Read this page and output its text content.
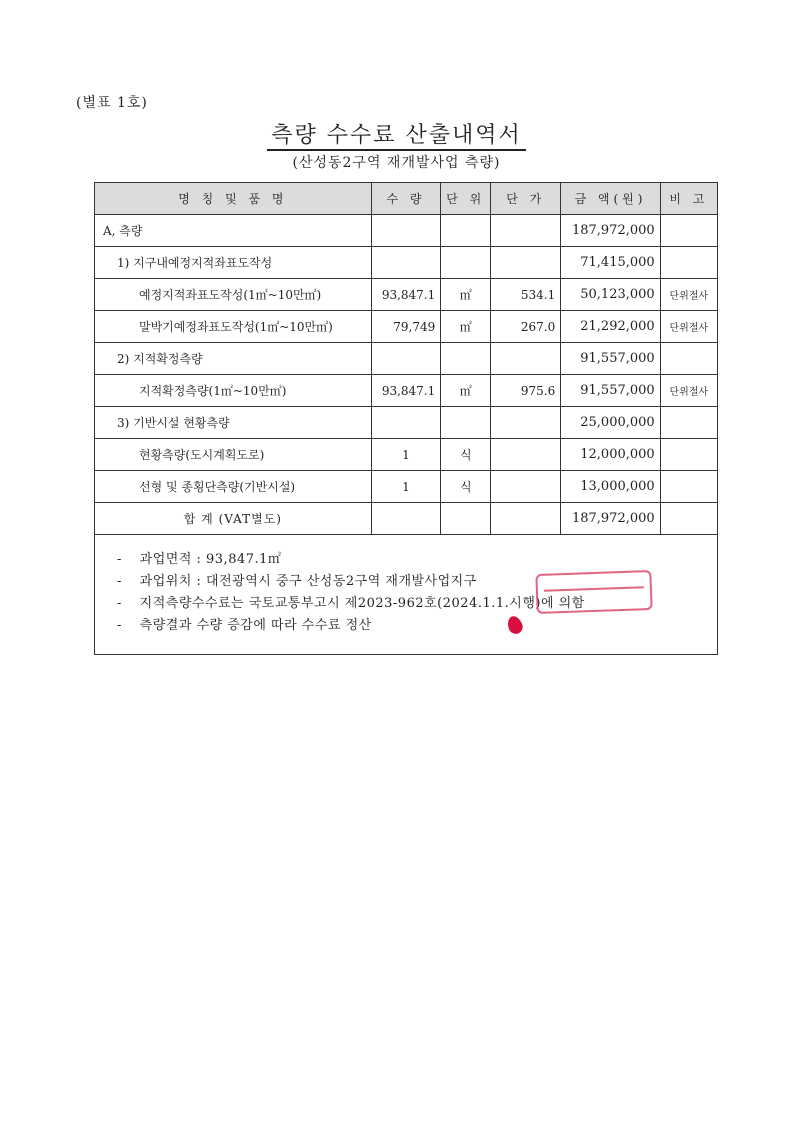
(별표 1호)
측량 수수료 산출내역서
(산성동2구역 재개발사업 측량)
명 칭 및 품 명	수 량	단 위	단 가	금 액(원)	비 고
A, 측량				187,972,000	
1) 지구내예정지적좌표도작성				71,415,000	
예정지적좌표도작성(1㎡~10만㎡)	93,847.1	㎡	534.1	50,123,000	단위절사
말박기예정좌표도작성(1㎡~10만㎡)	79,749	㎡	267.0	21,292,000	단위절사
2) 지적확정측량				91,557,000	
지적확정측량(1㎡~10만㎡)	93,847.1	㎡	975.6	91,557,000	단위절사
3) 기반시설 현황측량				25,000,000	
현황측량(도시계획도로)	1	식		12,000,000	
선형 및 종횡단측량(기반시설)	1	식		13,000,000	
합 계 (VAT별도)				187,972,000	
- 과업면적 : 93,847.1㎡
- 과업위치 : 대전광역시 중구 산성동2구역 재개발사업지구
- 지적측량수수료는 국토교통부고시 제2023-962호(2024.1.1.시행)에 의함
- 측량결과 수량 증감에 따라 수수료 정산
